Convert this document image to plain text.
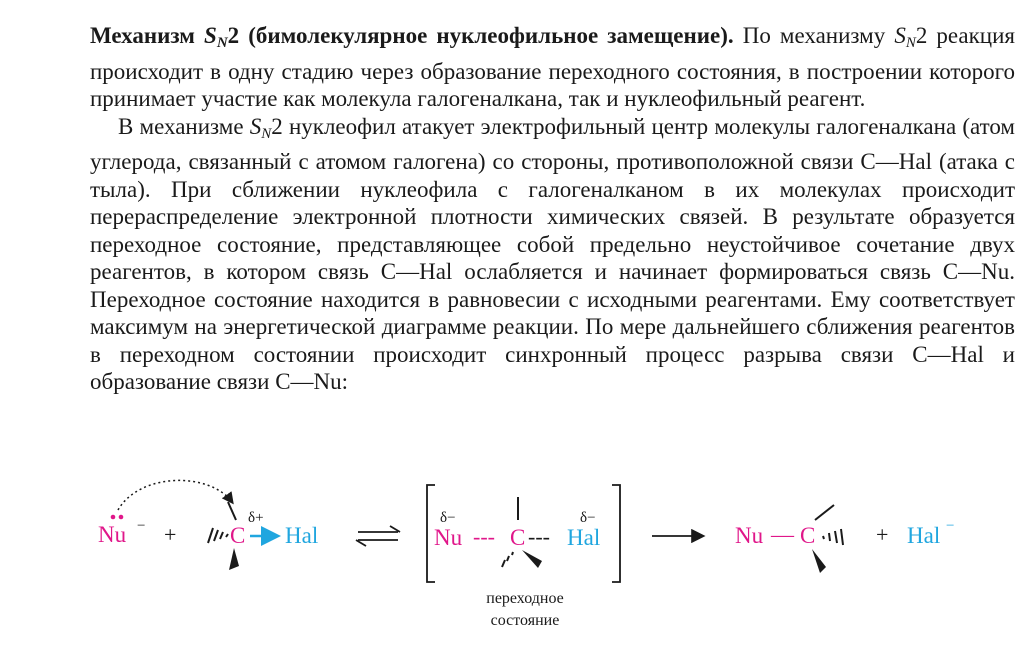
Механизм $S_N2$ (бимолекулярное нуклеофильное замещение). По механизму $S_N2$ реакция происходит в одну стадию через образование переходного состояния, в построении которого принимает участие как молекула галогеналкана, так и нуклеофильный реагент.

В механизме $S_N2$ нуклеофил атакует электрофильный центр молекулы галогеналкана (атом углерода, связанный с атомом галогена) со стороны, противоположной связи C—Hal (атака с тыла). При сближении нуклеофила с галогеналканом в их молекулах происходит перераспределение электронной плотности химических связей. В результате образуется переходное состояние, представляющее собой предельно неустойчивое сочетание двух реагентов, в котором связь C—Hal ослабляется и начинает формироваться связь C—Nu. Переходное состояние находится в равновесии с исходными реагентами. Ему соответствует максимум на энергетической диаграмме реакции. По мере дальнейшего сближения реагентов в переходном состоянии происходит синхронный процесс разрыва связи C—Hal и образование связи C—Nu:

Nu − + C
δ+
Hal
δ−
Nu --- C ---
δ−
Hal	Nu — C	+ Hal −
переходное
состояние
